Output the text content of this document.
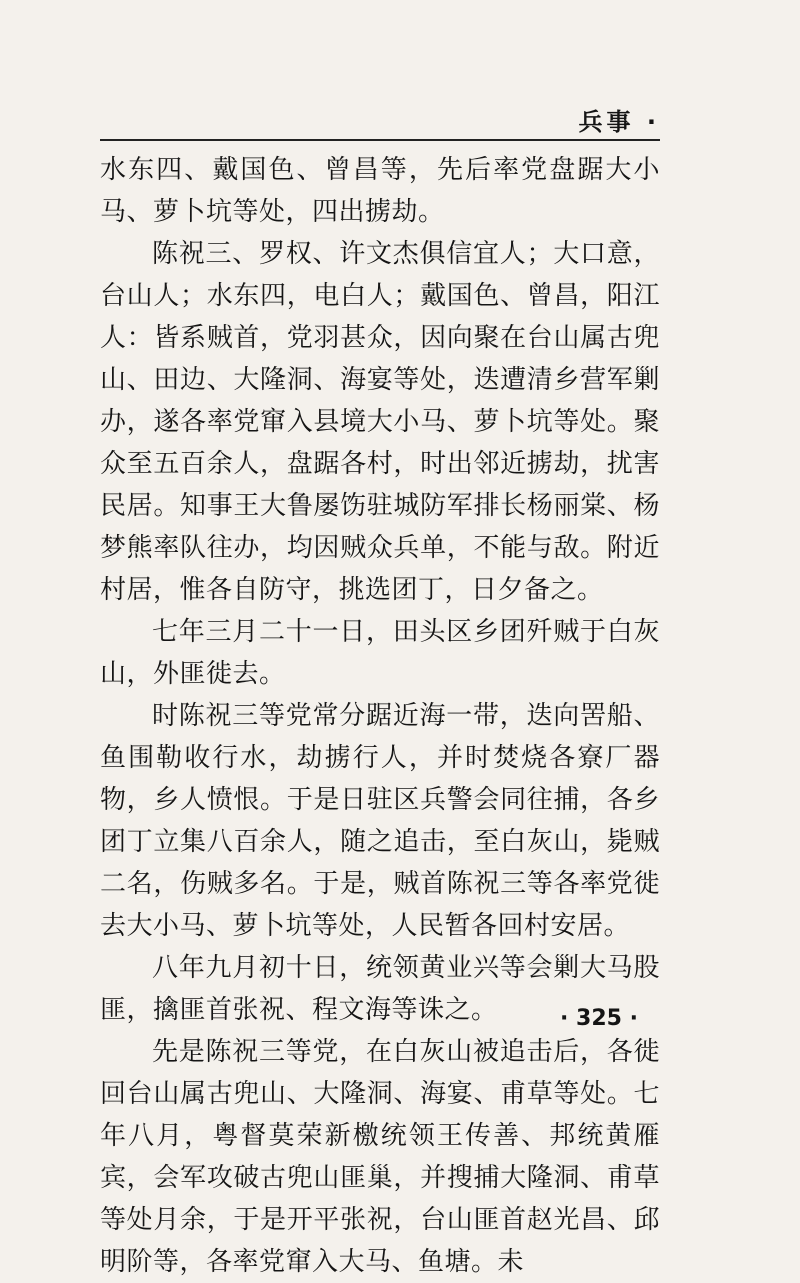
兵事 ·

水东四、戴国色、曾昌等，先后率党盘踞大小马、萝卜坑等处，四出掳劫。

陈祝三、罗权、许文杰俱信宜人；大口意，台山人；水东四，电白人；戴国色、曾昌，阳江人：皆系贼首，党羽甚众，因向聚在台山属古兜山、田边、大隆洞、海宴等处，迭遭清乡营军剿办，遂各率党窜入县境大小马、萝卜坑等处。聚众至五百余人，盘踞各村，时出邻近掳劫，扰害民居。知事王大鲁屡饬驻城防军排长杨丽棠、杨梦熊率队往办，均因贼众兵单，不能与敌。附近村居，惟各自防守，挑选团丁，日夕备之。

七年三月二十一日，田头区乡团歼贼于白灰山，外匪徙去。

时陈祝三等党常分踞近海一带，迭向罟船、鱼围勒收行水，劫掳行人，并时焚烧各寮厂器物，乡人愤恨。于是日驻区兵警会同往捕，各乡团丁立集八百余人，随之追击，至白灰山，毙贼二名，伤贼多名。于是，贼首陈祝三等各率党徙去大小马、萝卜坑等处，人民暂各回村安居。

八年九月初十日，统领黄业兴等会剿大马股匪，擒匪首张祝、程文海等诛之。

先是陈祝三等党，在白灰山被追击后，各徙回台山属古兜山、大隆洞、海宴、甫草等处。七年八月，粤督莫荣新檄统领王传善、邦统黄雁宾，会军攻破古兜山匪巢，并搜捕大隆洞、甫草等处月余，于是开平张祝，台山匪首赵光昌、邱明阶等，各率党窜入大马、鱼塘。未

· 325 ·
